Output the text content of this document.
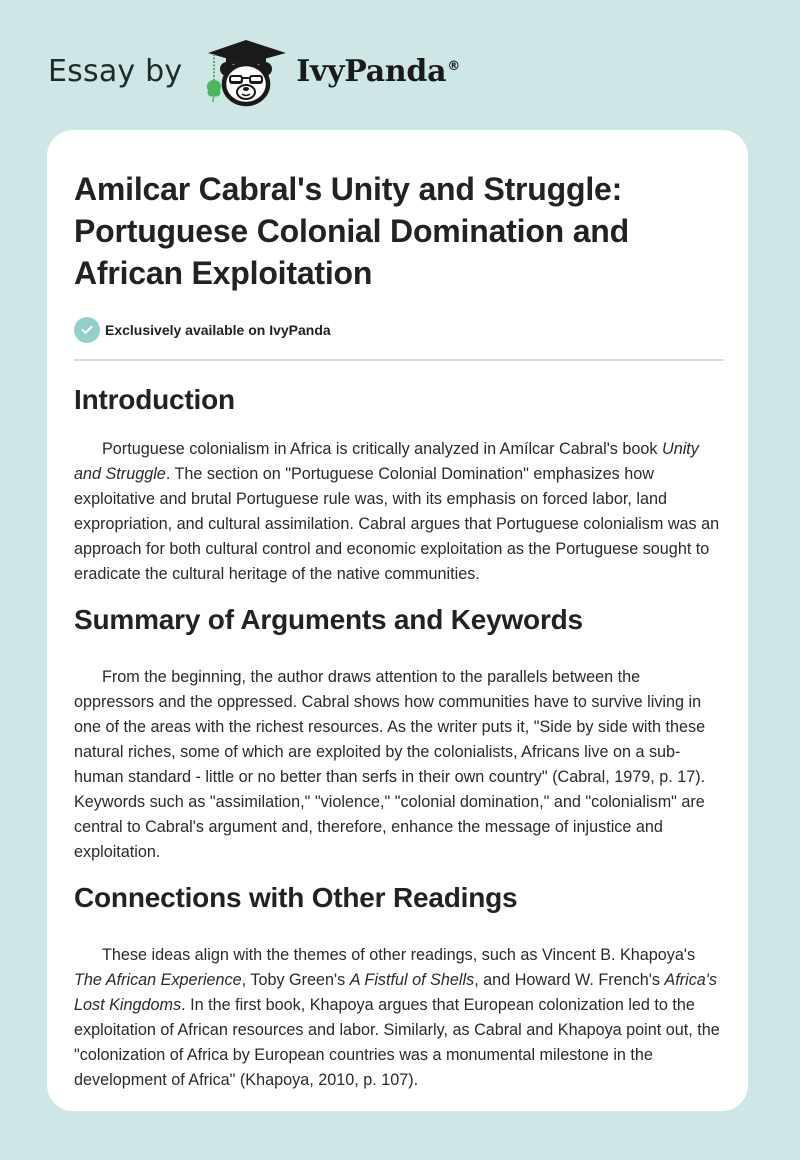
Essay by	IvyPanda®
Amilcar Cabral's Unity and Struggle: Portuguese Colonial Domination and African Exploitation
Exclusively available on IvyPanda
Introduction

Portuguese colonialism in Africa is critically analyzed in Amílcar Cabral's book Unity and Struggle. The section on "Portuguese Colonial Domination" emphasizes how exploitative and brutal Portuguese rule was, with its emphasis on forced labor, land expropriation, and cultural assimilation. Cabral argues that Portuguese colonialism was an approach for both cultural control and economic exploitation as the Portuguese sought to eradicate the cultural heritage of the native communities.

Summary of Arguments and Keywords

From the beginning, the author draws attention to the parallels between the oppressors and the oppressed. Cabral shows how communities have to survive living in one of the areas with the richest resources. As the writer puts it, "Side by side with these natural riches, some of which are exploited by the colonialists, Africans live on a sub-human standard - little or no better than serfs in their own country" (Cabral, 1979, p. 17). Keywords such as "assimilation," "violence," "colonial domination," and "colonialism" are central to Cabral's argument and, therefore, enhance the message of injustice and exploitation.

Connections with Other Readings

These ideas align with the themes of other readings, such as Vincent B. Khapoya's The African Experience, Toby Green's A Fistful of Shells, and Howard W. French's Africa's Lost Kingdoms. In the first book, Khapoya argues that European colonization led to the exploitation of African resources and labor. Similarly, as Cabral and Khapoya point out, the "colonization of Africa by European countries was a monumental milestone in the development of Africa" (Khapoya, 2010, p. 107).
